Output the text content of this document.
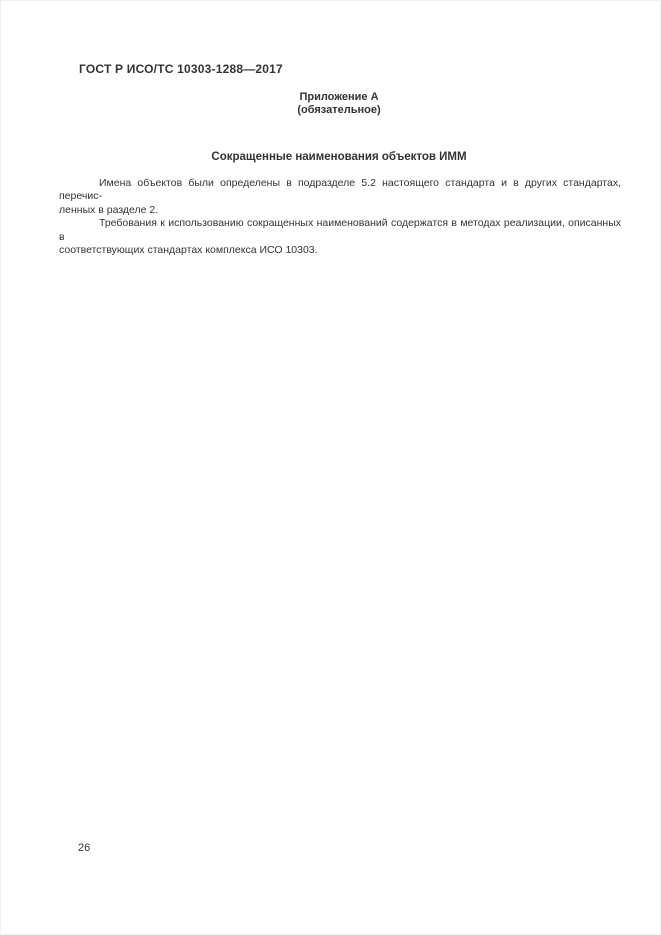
ГОСТ Р ИСО/ТС 10303-1288—2017
Приложение А
(обязательное)
Сокращенные наименования объектов ИММ
Имена объектов были определены в подразделе 5.2 настоящего стандарта и в других стандартах, перечис-
ленных в разделе 2.
Требования к использованию сокращенных наименований содержатся в методах реализации, описанных в
соответствующих стандартах комплекса ИСО 10303.
26
